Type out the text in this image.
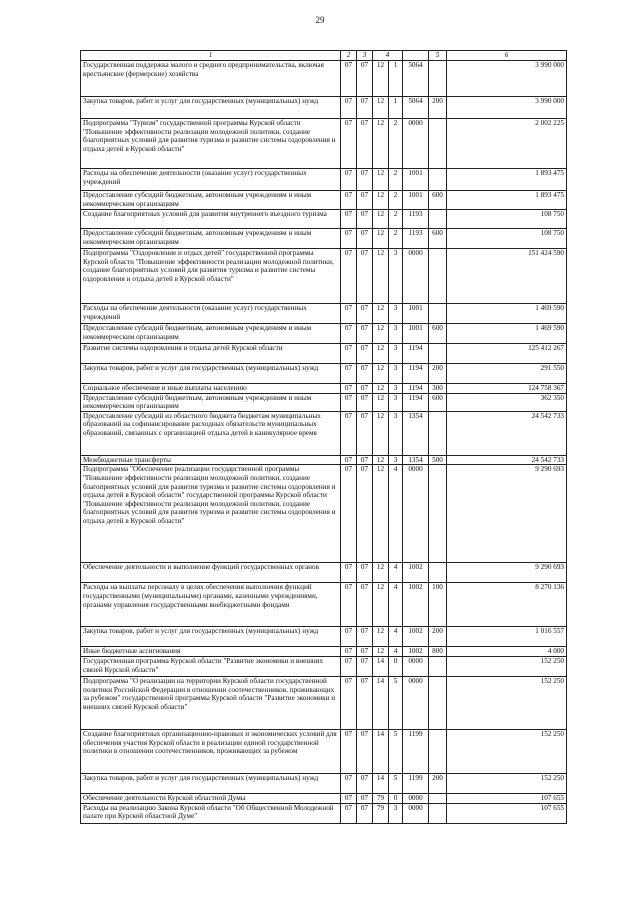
29
1	2	3	4			5	6
Государственная поддержка малого и среднего предпринимательства, включая крестьянские (фермерские) хозяйства	07	07	12	1	5064		3 990 000
Закупка товаров, работ и услуг для государственных (муниципальных) нужд	07	07	12	1	5064	200	3 990 000
Подпрограмма "Туризм" государственной программы Курской области "Повышение эффективности реализации молодежной политики, создание благоприятных условий для развития туризма и развитие системы оздоровления и отдыха детей в Курской области"	07	07	12	2	0000		2 002 225
Расходы на обеспечение деятельности (оказание услуг) государственных учреждений	07	07	12	2	1001		1 893 475
Предоставление субсидий бюджетным, автономным учреждениям и иным некоммерческим организациям	07	07	12	2	1001	600	1 893 475
Создание благоприятных условий для развития внутреннего въездного туризма	07	07	12	2	1193		108 750
Предоставление субсидий бюджетным, автономным учреждениям и иным некоммерческим организациям	07	07	12	2	1193	600	108 750
Подпрограмма "Оздоровление и отдых детей" государственной программы Курской области "Повышение эффективности реализации молодежной политики, создание благоприятных условий для развития туризма и развитие системы оздоровления и отдыха детей в Курской области"	07	07	12	3	0000		151 424 590
Расходы на обеспечение деятельности (оказание услуг) государственных учреждений	07	07	12	3	1001		1 469 590
Предоставление субсидий бюджетным, автономным учреждениям и иным некоммерческим организациям	07	07	12	3	1001	600	1 469 590
Развитие системы оздоровления и отдыха детей Курской области	07	07	12	3	1194		125 412 267
Закупка товаров, работ и услуг для государственных (муниципальных) нужд	07	07	12	3	1194	200	291 550
Социальное обеспечение и иные выплаты населению	07	07	12	3	1194	300	124 758 367
Предоставление субсидий бюджетным, автономным учреждениям и иным некоммерческим организациям	07	07	12	3	1194	600	362 350
Предоставление субсидий из областного бюджета бюджетам муниципальных образований на софинансирование расходных обязательств муниципальных образований, связанных с организацией отдыха детей в каникулярное время	07	07	12	3	1354		24 542 733
Межбюджетные трансферты	07	07	12	3	1354	500	24 542 733
Подпрограмма "Обеспечение реализации государственной программы "Повышение эффективности реализации молодежной политики, создание благоприятных условий для развития туризма и развитие системы оздоровления и отдыха детей в Курской области" государственной программы Курской области "Повышение эффективности реализации молодежной политики, создание благоприятных условий для развития туризма и развитие системы оздоровления и отдыха детей в Курской области"	07	07	12	4	0000		9 290 693
Обеспечение деятельности и выполнение функций государственных органов	07	07	12	4	1002		9 290 693
Расходы на выплаты персоналу в целях обеспечения выполнения функций государственными (муниципальными) органами, казенными учреждениями, органами управления государственными внебюджетными фондами	07	07	12	4	1002	100	8 270 136
Закупка товаров, работ и услуг для государственных (муниципальных) нужд	07	07	12	4	1002	200	1 016 557
Иные бюджетные ассигнования	07	07	12	4	1002	800	4 000
Государственная программа Курской области "Развитие экономики и внешних связей Курской области"	07	07	14	0	0000		152 250
Подпрограмма "О реализации на территории Курской области государственной политики Российской Федерации в отношении соотечественников, проживающих за рубежом" государственной программы Курской области "Развитие экономики и внешних связей Курской области"	07	07	14	5	0000		152 250
Создание благоприятных организационно-правовых и экономических условий для обеспечения участия Курской области в реализации единой государственной политики в отношении соотечественников, проживающих за рубежом	07	07	14	5	1199		152 250
Закупка товаров, работ и услуг для государственных (муниципальных) нужд	07	07	14	5	1199	200	152 250
Обеспечение деятельности Курской областной Думы	07	07	79	0	0000		107 655
Расходы на реализацию Закона Курской области "Об Общественной Молодежной палате при Курской областной Думе"	07	07	79	3	0000		107 655
